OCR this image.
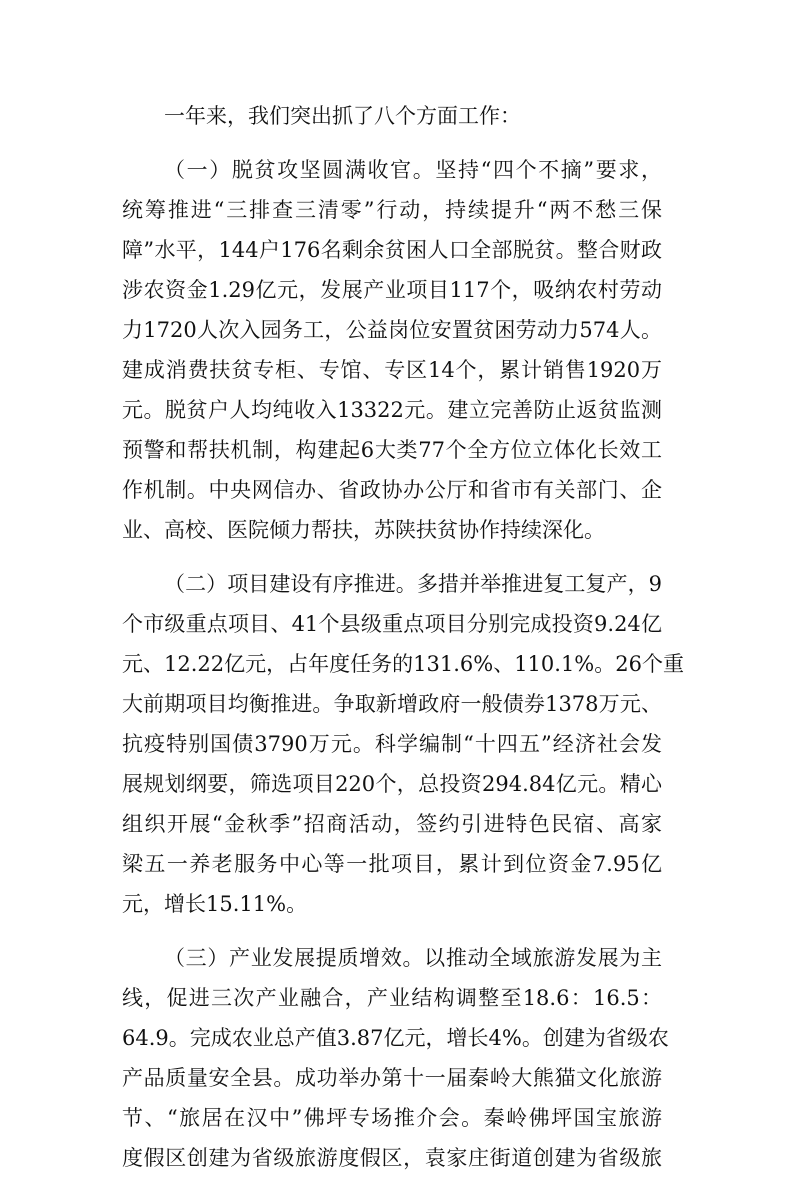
一年来，我们突出抓了八个方面工作：
（一）脱贫攻坚圆满收官。坚持“四个不摘”要求，
统筹推进“三排查三清零”行动，持续提升“两不愁三保
障”水平，144户176名剩余贫困人口全部脱贫。整合财政
涉农资金1.29亿元，发展产业项目117个，吸纳农村劳动
力1720人次入园务工，公益岗位安置贫困劳动力574人。
建成消费扶贫专柜、专馆、专区14个，累计销售1920万
元。脱贫户人均纯收入13322元。建立完善防止返贫监测
预警和帮扶机制，构建起6大类77个全方位立体化长效工
作机制。中央网信办、省政协办公厅和省市有关部门、企
业、高校、医院倾力帮扶，苏陕扶贫协作持续深化。
（二）项目建设有序推进。多措并举推进复工复产，9
个市级重点项目、41个县级重点项目分别完成投资9.24亿
元、12.22亿元，占年度任务的131.6%、110.1%。26个重
大前期项目均衡推进。争取新增政府一般债券1378万元、
抗疫特别国债3790万元。科学编制“十四五”经济社会发
展规划纲要，筛选项目220个，总投资294.84亿元。精心
组织开展“金秋季”招商活动，签约引进特色民宿、高家
梁五一养老服务中心等一批项目，累计到位资金7.95亿
元，增长15.11%。
（三）产业发展提质增效。以推动全域旅游发展为主
线，促进三次产业融合，产业结构调整至18.6：16.5：
64.9。完成农业总产值3.87亿元，增长4%。创建为省级农
产品质量安全县。成功举办第十一届秦岭大熊猫文化旅游
节、“旅居在汉中”佛坪专场推介会。秦岭佛坪国宝旅游
度假区创建为省级旅游度假区，袁家庄街道创建为省级旅
